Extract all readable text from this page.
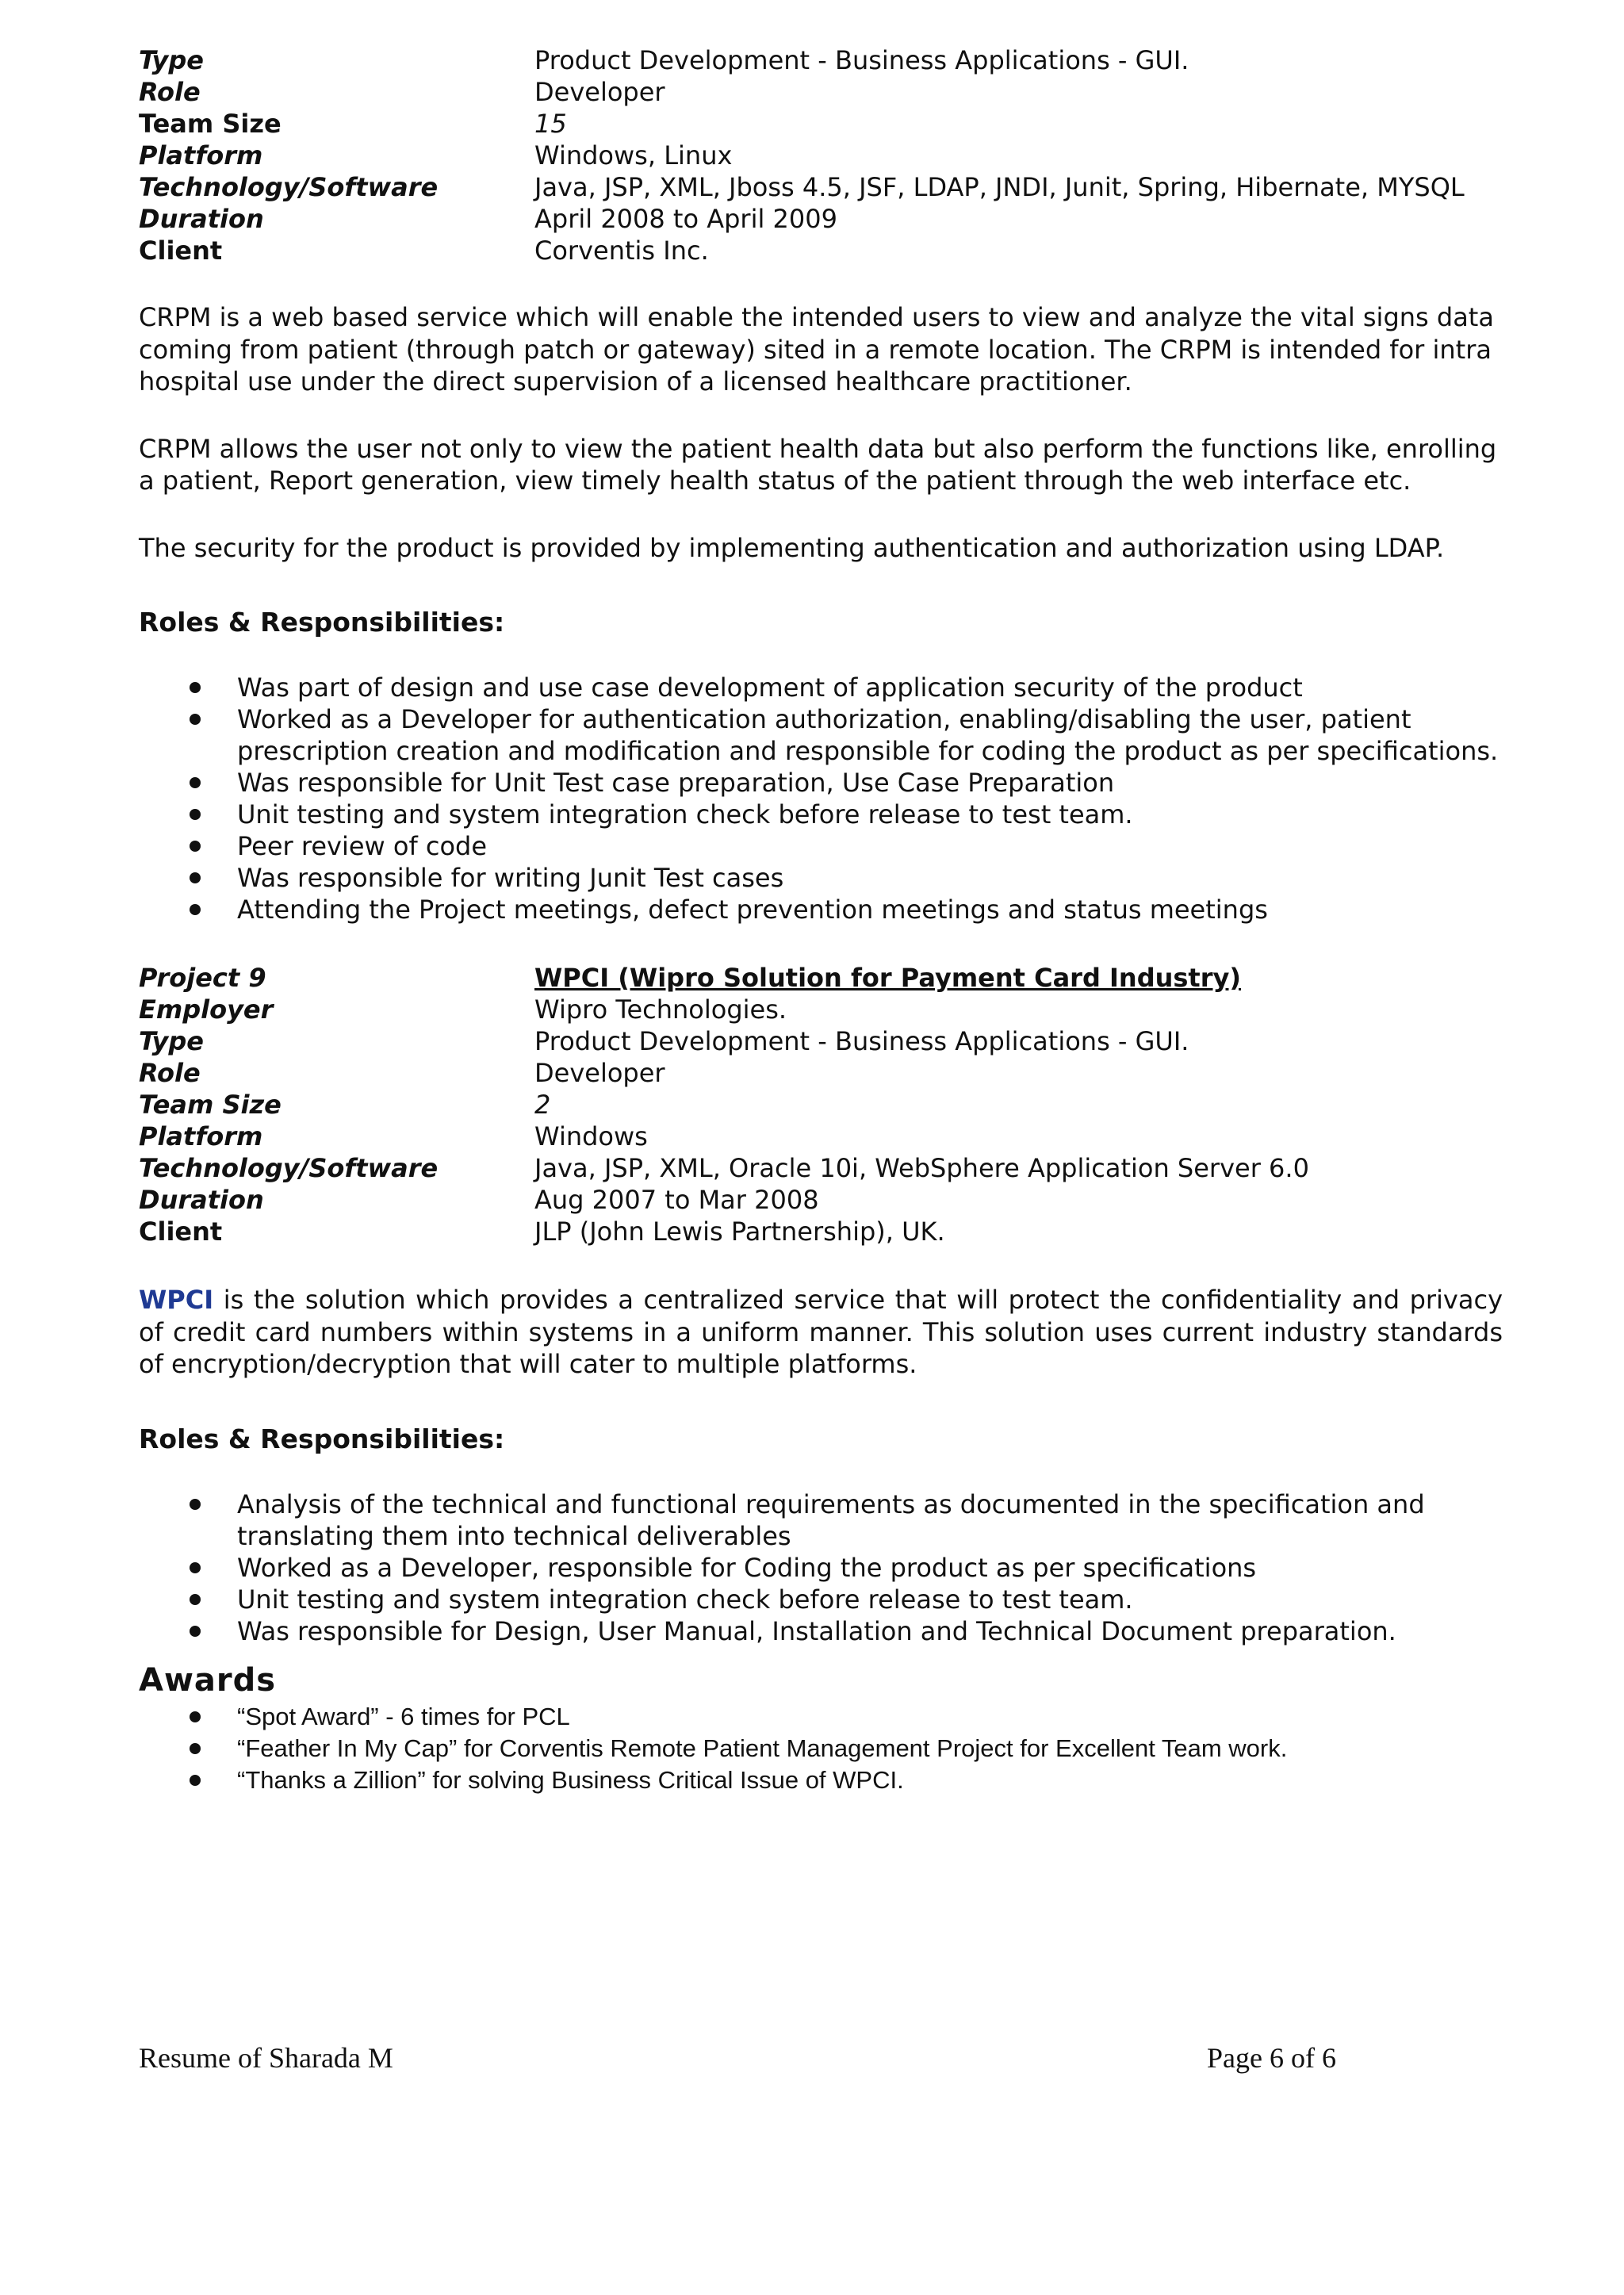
Type	Product Development - Business Applications - GUI.
Role	Developer
Team Size	15
Platform	Windows, Linux
Technology/Software	Java, JSP, XML, Jboss 4.5, JSF, LDAP, JNDI, Junit, Spring, Hibernate, MYSQL
Duration	April 2008 to April 2009
Client	Corventis Inc.

CRPM is a web based service which will enable the intended users to view and analyze the vital signs data coming from patient (through patch or gateway) sited in a remote location. The CRPM is intended for intra hospital use under the direct supervision of a licensed healthcare practitioner.

CRPM allows the user not only to view the patient health data but also perform the functions like, enrolling a patient, Report generation, view timely health status of the patient through the web interface etc.

The security for the product is provided by implementing authentication and authorization using LDAP.

Roles & Responsibilities:
Was part of design and use case development of application security of the product
Worked as a Developer for authentication authorization, enabling/disabling the user, patient prescription creation and modification and responsible for coding the product as per specifications.
Was responsible for Unit Test case preparation, Use Case Preparation
Unit testing and system integration check before release to test team.
Peer review of code
Was responsible for writing Junit Test cases
Attending the Project meetings, defect prevention meetings and status meetings
Project 9	WPCI (Wipro Solution for Payment Card Industry)
Employer	Wipro Technologies.
Type	Product Development - Business Applications - GUI.
Role	Developer
Team Size	2
Platform	Windows
Technology/Software	Java, JSP, XML, Oracle 10i, WebSphere Application Server 6.0
Duration	Aug 2007 to Mar 2008
Client	JLP (John Lewis Partnership), UK.

WPCI is the solution which provides a centralized service that will protect the confidentiality and privacy of credit card numbers within systems in a uniform manner. This solution uses current industry standards of encryption/decryption that will cater to multiple platforms.

Roles & Responsibilities:
Analysis of the technical and functional requirements as documented in the specification and translating them into technical deliverables
Worked as a Developer, responsible for Coding the product as per specifications
Unit testing and system integration check before release to test team.
Was responsible for Design, User Manual, Installation and Technical Document preparation.
Awards
“Spot Award” - 6 times for PCL
“Feather In My Cap” for Corventis Remote Patient Management Project for Excellent Team work.
“Thanks a Zillion” for solving Business Critical Issue of WPCI.
Resume of Sharada M	Page 6 of 6
